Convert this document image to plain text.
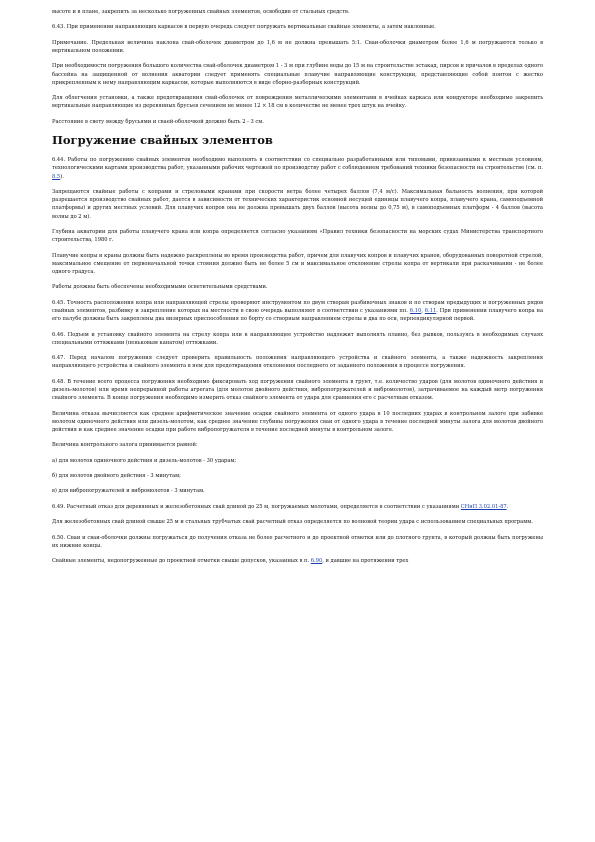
высоте и в плане, закрепить за несколько погруженных свайных элементов, освободив от стальных средств.

6.43. При применении направляющих каркасов в первую очередь следует погружать вертикальные свайные элементы, а затем наклонные.

Примечание. Предельная величина наклона свай-оболочек диаметром до 1,6 м не должна превышать 5:1. Сваи-оболочки диаметром более 1,6 м погружаются только в вертикальном положении.

При необходимости погружения большого количества свай-оболочек диаметром 1 - 3 м при глубине воды до 15 м на строительстве эстакад, пирсов и причалов в пределах одного бассейна на защищенной от волнения акватории следует применять специальные плавучие направляющие конструкции, представляющие собой понтон с жестко прикрепленным к нему направляющим каркасом, которые выполняются в виде сборно-разборных конструкций.

Для облегчения установки, а также предотвращения свай-оболочек от повреждения металлическими элементами в ячейках каркаса или кондукторе необходимо закрепить вертикальные направляющие из деревянных брусьев сечением не менее 12 × 18 см в количестве не менее трех штук на ячейку.

Расстояние в свету между брусьями и сваей-оболочкой должно быть 2 - 3 см.

Погружение свайных элементов

6.44. Работы по погружению свайных элементов необходимо выполнять в соответствии со специально разработанными или типовыми, привязанными к местным условиям, технологическими картами производства работ, указанными рабочих чертежей по производству работ с соблюдением требований техники безопасности на строительстве (см. п. 8.5).

Запрещаются свайные работы с копрами и стреловыми кранами при скорости ветра более четырех баллов (7,4 м/с). Максимальная бальность волнения, при которой разрешается производство свайных работ, дается в зависимости от технических характеристик основной несущей единицы плавучего копра, плавучего крана, самоподъемной платформы) и других местных условий. Для плавучих копров она не должна превышать двух баллов (высота волны до 0,75 м), в самоподъемных платформ - 4 баллов (высота волны до 2 м).

Глубина акватории для работы плавучего крана или копра определяется согласно указаниям «Правил техники безопасности на морских судах Министерства транспортного строительства, 1980 г.

Плавучие копры и краны должны быть надежно раскреплены во время производства работ, причем для плавучих копров и плавучих кранов, оборудованных поворотной стрелой, максимальное смещение от первоначальной точки стояния должно быть не более 5 см и максимальное отклонение стрелы копра от вертикали при раскачивании - не более одного градуса.

Работы должны быть обеспечены необходимыми осветительными средствами.

6.45. Точность расположения копра или направляющей стрелы проверяют инструментом по двум створам разбивочных знаков и по створам предыдущих и погруженных рядов свайных элементов, разбивку и закрепление которых на местности в свою очередь выполняют в соответствии с указаниями пп. 6.10, 6.11. При применении плавучего копра на его палубе должны быть закреплены два визирных приспособления по борту со створным направлением стрелы и два по оси, перпендикулярной первой.

6.46. Подъем и установку свайного элемента на стрелу копра или в направляющее устройство надлежит выполнять плавно, без рывков, пользуясь в необходимых случаях специальными оттяжками (пеньковым канатом) оттяжками.

6.47. Перед началом погружения следует проверить правильность положения направляющего устройства и свайного элемента, а также надежность закрепления направляющего устройства и свайного элемента в нем для предотвращения отклонения последнего от заданного положения в процессе погружения.

6.48. В течение всего процесса погружения необходимо фиксировать ход погружения свайного элемента в грунт, т.е. количество ударов (для молотов одиночного действия и дизель-молотов) или время непрерывной работы агрегата (для молотов двойного действия, вибропогружателей и вибромолотов), затрачиваемое на каждый метр погружения свайного элемента. В конце погружения необходимо измерить отказ свайного элемента от удара для сравнения его с расчетным отказом.

Величина отказа вычисляется как среднее арифметическое значение осадки свайного элемента от одного удара в 10 последних ударах в контрольном залоге при забивке молотом одиночного действия или дизель-молотом, как среднее значение глубины погружения сваи от одного удара в течение последней минуты залога для молотов двойного действия и как среднее значение осадки при работе вибропогружателя в течение последней минуты в контрольном залоге.

Величина контрольного залога принимается равной:

а) для молотов одиночного действия и дизель-молотов - 30 ударам;

б) для молотов двойного действия - 3 минутам;

в) для вибропогружателей и вибромолотов - 3 минутам.

6.49. Расчетный отказ для деревянных и железобетонных свай длиной до 25 м, погружаемых молотами, определяется в соответствии с указаниями СНиП 3.02.01-87.

Для железобетонных свай длиной свыше 25 м и стальных трубчатых свай расчетный отказ определяется по волновой теории удара с использованием специальных программ.

6.50. Сваи и сваи-оболочки должны погружаться до получения отказа не более расчетного и до проектной отметки или до плотного грунта, в который должны быть погружены их нижние концы.

Свайные элементы, недопогруженные до проектной отметки свыше допусков, указанных в п. 6.90, и давшие на протяжении трех
